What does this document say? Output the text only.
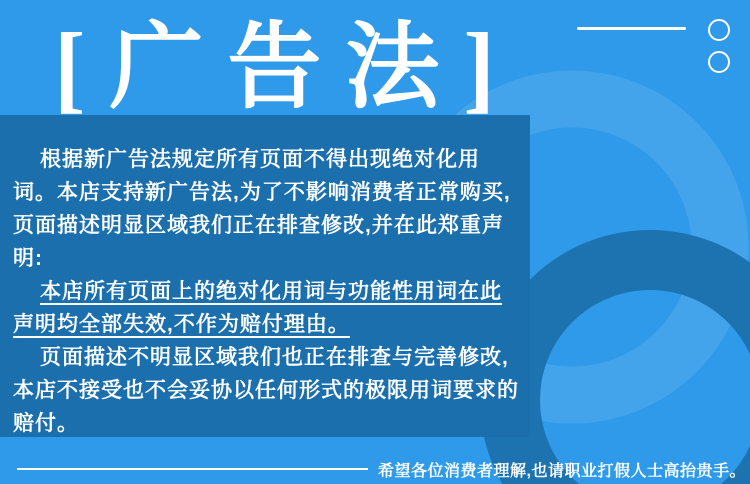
[ 广 告 法 ]
根据新广告法规定所有页面不得出现绝对化用
词。本店支持新广告法,为了不影响消费者正常购买,
页面描述明显区域我们正在排查修改,并在此郑重声
明:
本店所有页面上的绝对化用词与功能性用词在此
声明均全部失效,不作为赔付理由。
页面描述不明显区域我们也正在排查与完善修改,
本店不接受也不会妥协以任何形式的极限用词要求的
赔付。
希望各位消费者理解,也请职业打假人士高抬贵手。
